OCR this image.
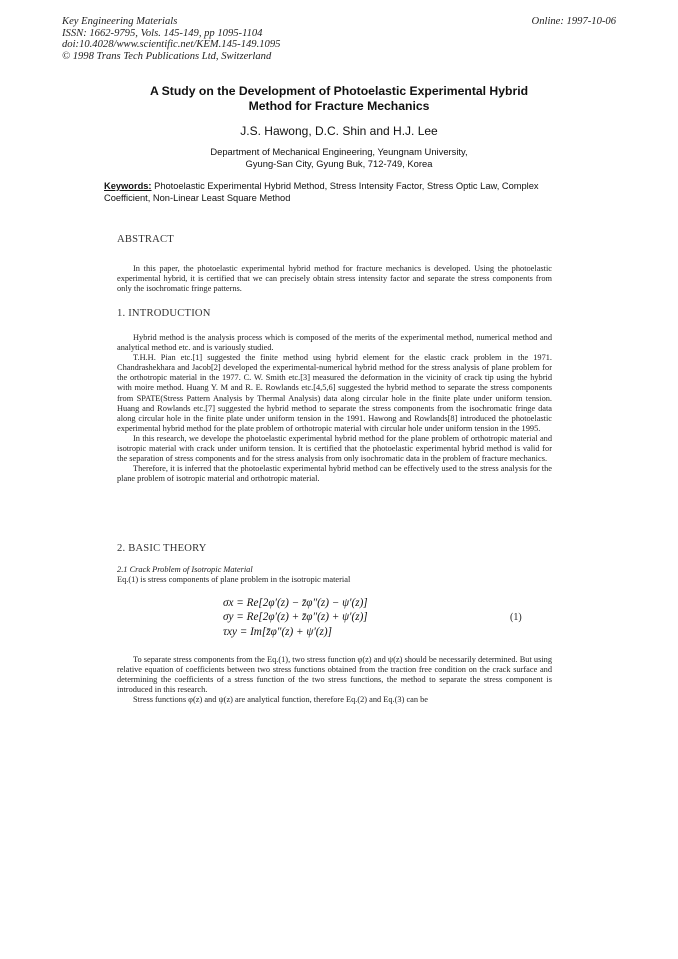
Key Engineering Materials
ISSN: 1662-9795, Vols. 145-149, pp 1095-1104
doi:10.4028/www.scientific.net/KEM.145-149.1095
© 1998 Trans Tech Publications Ltd, Switzerland
Online: 1997-10-06
A Study on the Development of Photoelastic Experimental Hybrid
Method for Fracture Mechanics
J.S. Hawong, D.C. Shin and H.J. Lee
Department of Mechanical Engineering, Yeungnam University,
Gyung-San City, Gyung Buk, 712-749, Korea
Keywords: Photoelastic Experimental Hybrid Method, Stress Intensity Factor, Stress Optic Law, Complex Coefficient, Non-Linear Least Square Method
ABSTRACT

In this paper, the photoelastic experimental hybrid method for fracture mechanics is developed. Using the photoelastic experimental hybrid, it is certified that we can precisely obtain stress intensity factor and separate the stress components from only the isochromatic fringe patterns.

1. INTRODUCTION

Hybrid method is the analysis process which is composed of the merits of the experimental method, numerical method and analytical method etc. and is variously studied.

T.H.H. Pian etc.[1] suggested the finite method using hybrid element for the elastic crack problem in the 1971. Chandrashekhara and Jacob[2] developed the experimental-numerical hybrid method for the stress analysis of plane problem for the orthotropic material in the 1977. C. W. Smith etc.[3] measured the deformation in the vicinity of crack tip using the hybrid with moire method. Huang Y. M and R. E. Rowlands etc.[4,5,6] suggested the hybrid method to separate the stress components from SPATE(Stress Pattern Analysis by Thermal Analysis) data along circular hole in the finite plate under uniform tension. Huang and Rowlands etc.[7] suggested the hybrid method to separate the stress components from the isochromatic fringe data along circular hole in the finite plate under uniform tension in the 1991. Hawong and Rowlands[8] introduced the photoelastic experimental hybrid method for the plate problem of orthotropic material with circular hole under uniform tension in the 1995.

In this research, we develope the photoelastic experimental hybrid method for the plane problem of orthotropic material and isotropic material with crack under uniform tension. It is certified that the photoelastic experimental hybrid method is valid for the separation of stress components and for the stress analysis from only isochromatic data in the problem of fracture mechanics.

Therefore, it is inferred that the photoelastic experimental hybrid method can be effectively used to the stress analysis for the plane problem of isotropic material and orthotropic material.

2. BASIC THEORY
2.1 Crack Problem of Isotropic Material
Eq.(1) is stress components of plane problem in the isotropic material
σx = Re[2φ′(z) − z̄φ″(z) − ψ′(z)]
σy = Re[2φ′(z) + z̄φ″(z) + ψ′(z)]
τxy = Im[z̄φ″(z) + ψ′(z)]
(1)

To separate stress components from the Eq.(1), two stress function φ(z) and ψ(z) should be necessarily determined. But using relative equation of coefficients between two stress functions obtained from the traction free condition on the crack surface and determining the coefficients of a stress function of the two stress functions, the method to separate the stress component is introduced in this research.

Stress functions φ(z) and ψ(z) are analytical function, therefore Eq.(2) and Eq.(3) can be
